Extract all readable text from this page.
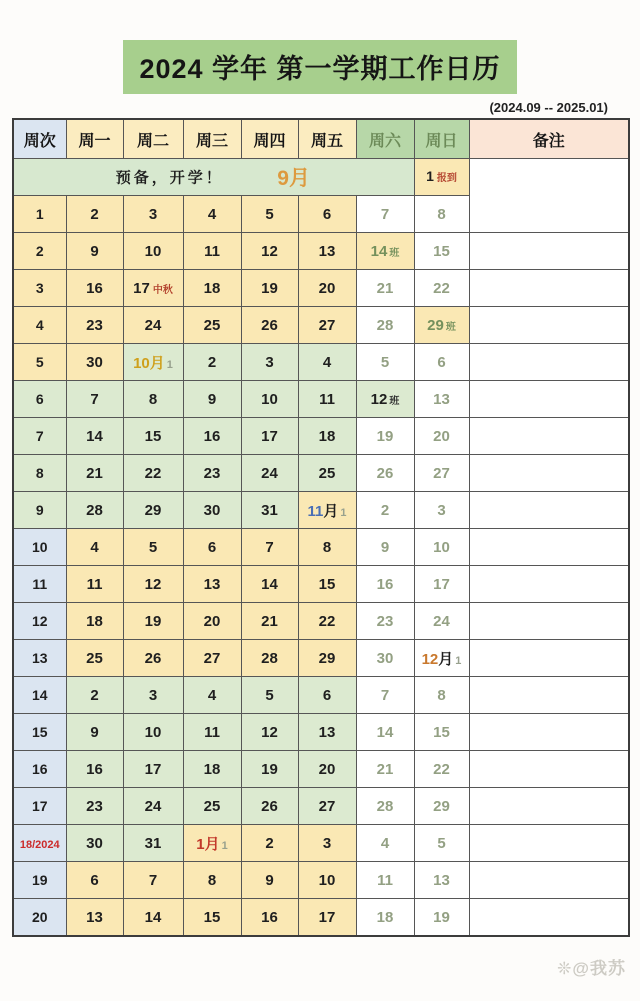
2024 学年 第一学期工作日历
(2024.09 -- 2025.01)
周次	周一	周二	周三	周四	周五	周六	周日	备注

预备，开学！ 9月							1 报到	
1	2	3	4	5	6	7	8	
2	9	10	11	12	13	14 班	15	
3	16	17 中秋	18	19	20	21	22	
4	23	24	25	26	27	28	29 班	
5	30	10月 1	2	3	4	5	6	
6	7	8	9	10	11	12 班	13	
7	14	15	16	17	18	19	20	
8	21	22	23	24	25	26	27	
9	28	29	30	31	11月 1	2	3	
10	4	5	6	7	8	9	10	
11	11	12	13	14	15	16	17	
12	18	19	20	21	22	23	24	
13	25	26	27	28	29	30	12月 1	
14	2	3	4	5	6	7	8	
15	9	10	11	12	13	14	15	
16	16	17	18	19	20	21	22	
17	23	24	25	26	27	28	29	
18/2024	30	31	1月 1	2	3	4	5	
19	6	7	8	9	10	11	13	
20	13	14	15	16	17	18	19	
❊@我苏
